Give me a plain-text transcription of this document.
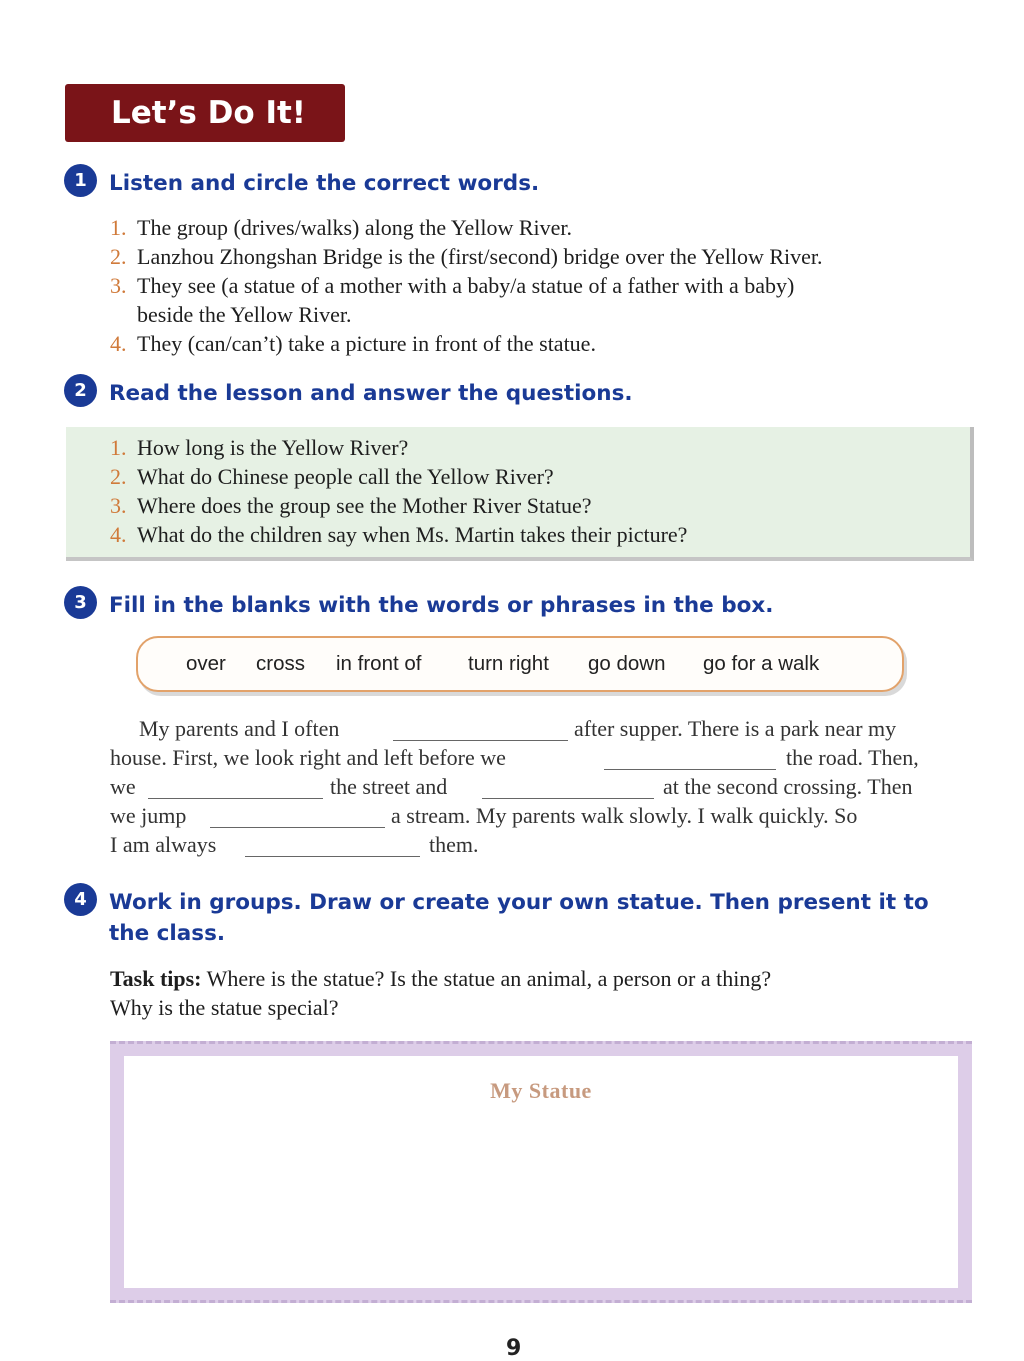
Let’s Do It!
1	Listen and circle the correct words.
1. The group (drives/walks) along the Yellow River.
2. Lanzhou Zhongshan Bridge is the (first/second) bridge over the Yellow River.
3. They see (a statue of a mother with a baby/a statue of a father with a baby)
beside the Yellow River.
4. They (can/can’t) take a picture in front of the statue.
2	Read the lesson and answer the questions.
1. How long is the Yellow River?
2. What do Chinese people call the Yellow River?
3. Where does the group see the Mother River Statue?
4. What do the children say when Ms. Martin takes their picture?
3	Fill in the blanks with the words or phrases in the box.
over cross in front of turn right go down go for a walk
My parents and I often	after supper. There is a park near my
house. First, we look right and left before we	the road. Then,
we	the street and	at the second crossing. Then
we jump	a stream. My parents walk slowly. I walk quickly. So
I am always	them.
4	Work in groups. Draw or create your own statue. Then present it to
the class.
Task tips: Where is the statue? Is the statue an animal, a person or a thing?
Why is the statue special?
My Statue
9
